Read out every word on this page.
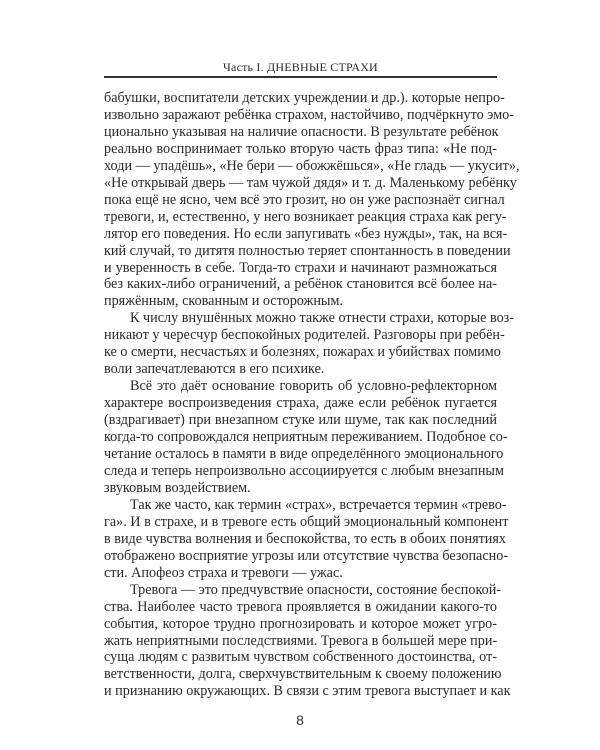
Часть I. ДНЕВНЫЕ СТРАХИ
бабушки, воспитатели детских учреждении и др.). которые непро-
извольно заражают ребёнка страхом, настойчиво, подчёркнуто эмо-
ционально указывая на наличие опасности. В результате ребёнок
реально воспринимает только вторую часть фраз типа: «Не под-
ходи — упадёшь», «Не бери — обожжёшься», «Не гладь — укусит»,
«Не открывай дверь — там чужой дядя» и т. д. Маленькому ребёнку
пока ещё не ясно, чем всё это грозит, но он уже распознаёт сигнал
тревоги, и, естественно, у него возникает реакция страха как регу-
лятор его поведения. Но если запугивать «без нужды», так, на вся-
кий случай, то дитятя полностью теряет спонтанность в поведении
и уверенность в себе. Тогда-то страхи и начинают размножаться
без каких-либо ограничений, а ребёнок становится всё более на-
пряжённым, скованным и осторожным.
К числу внушённых можно также отнести страхи, которые воз-
никают у чересчур беспокойных родителей. Разговоры при ребён-
ке о смерти, несчастьях и болезнях, пожарах и убийствах помимо
воли запечатлеваются в его психике.
Всё это даёт основание говорить об условно-рефлекторном
характере воспроизведения страха, даже если ребёнок пугается
(вздрагивает) при внезапном стуке или шуме, так как последний
когда-то сопровождался неприятным переживанием. Подобное со-
четание осталось в памяти в виде определённого эмоционального
следа и теперь непроизвольно ассоциируется с любым внезапным
звуковым воздействием.
Так же часто, как термин «страх», встречается термин «трево-
га». И в страхе, и в тревоге есть общий эмоциональный компонент
в виде чувства волнения и беспокойства, то есть в обоих понятиях
отображено восприятие угрозы или отсутствие чувства безопасно-
сти. Апофеоз страха и тревоги — ужас.
Тревога — это предчувствие опасности, состояние беспокой-
ства. Наиболее часто тревога проявляется в ожидании какого-то
события, которое трудно прогнозировать и которое может угро-
жать неприятными последствиями. Тревога в большей мере при-
суща людям с развитым чувством собственного достоинства, от-
ветственности, долга, сверхчувствительным к своему положению
и признанию окружающих. В связи с этим тревога выступает и как
8
